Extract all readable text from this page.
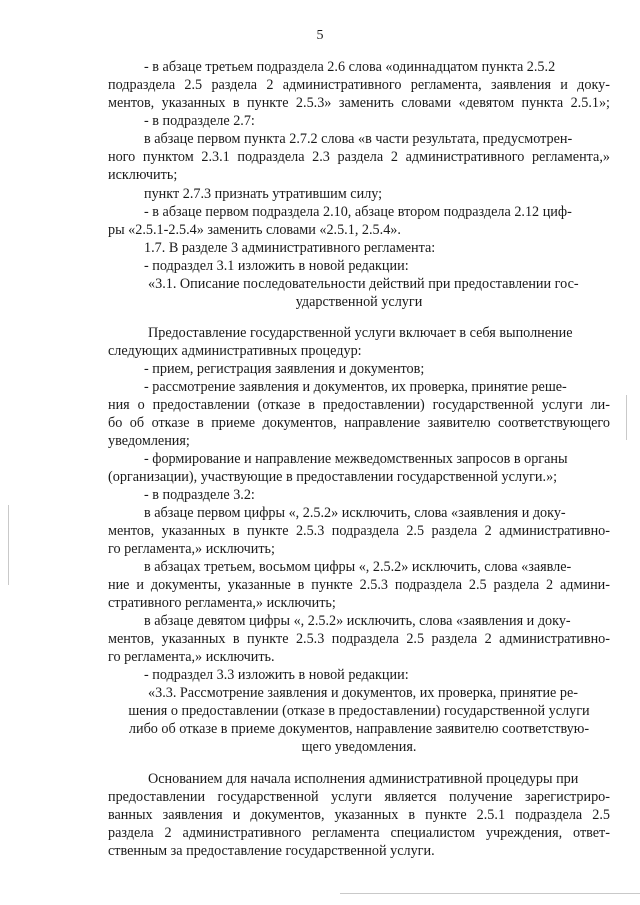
5
- в абзаце третьем подраздела 2.6 слова «одиннадцатом пункта 2.5.2
подраздела 2.5 раздела 2 административного регламента, заявления и доку-
ментов, указанных в пункте 2.5.3» заменить словами «девятом пункта 2.5.1»;
- в подразделе 2.7:
в абзаце первом пункта 2.7.2 слова «в части результата, предусмотрен-
ного пунктом 2.3.1 подраздела 2.3 раздела 2 административного регламента,»
исключить;
пункт 2.7.3 признать утратившим силу;
- в абзаце первом подраздела 2.10, абзаце втором подраздела 2.12 циф-
ры «2.5.1-2.5.4» заменить словами «2.5.1, 2.5.4».
1.7. В разделе 3 административного регламента:
- подраздел 3.1 изложить в новой редакции:
«3.1. Описание последовательности действий при предоставлении гос-
ударственной услуги
Предоставление государственной услуги включает в себя выполнение
следующих административных процедур:
- прием, регистрация заявления и документов;
- рассмотрение заявления и документов, их проверка, принятие реше-
ния о предоставлении (отказе в предоставлении) государственной услуги ли-
бо об отказе в приеме документов, направление заявителю соответствующего
уведомления;
- формирование и направление межведомственных запросов в органы
(организации), участвующие в предоставлении государственной услуги.»;
- в подразделе 3.2:
в абзаце первом цифры «, 2.5.2» исключить, слова «заявления и доку-
ментов, указанных в пункте 2.5.3 подраздела 2.5 раздела 2 административно-
го регламента,» исключить;
в абзацах третьем, восьмом цифры «, 2.5.2» исключить, слова «заявле-
ние и документы, указанные в пункте 2.5.3 подраздела 2.5 раздела 2 админи-
стративного регламента,» исключить;
в абзаце девятом цифры «, 2.5.2» исключить, слова «заявления и доку-
ментов, указанных в пункте 2.5.3 подраздела 2.5 раздела 2 административно-
го регламента,» исключить.
- подраздел 3.3 изложить в новой редакции:
«3.3. Рассмотрение заявления и документов, их проверка, принятие ре-
шения о предоставлении (отказе в предоставлении) государственной услуги
либо об отказе в приеме документов, направление заявителю соответствую-
щего уведомления.
Основанием для начала исполнения административной процедуры при
предоставлении государственной услуги является получение зарегистриро-
ванных заявления и документов, указанных в пункте 2.5.1 подраздела 2.5
раздела 2 административного регламента специалистом учреждения, ответ-
ственным за предоставление государственной услуги.
